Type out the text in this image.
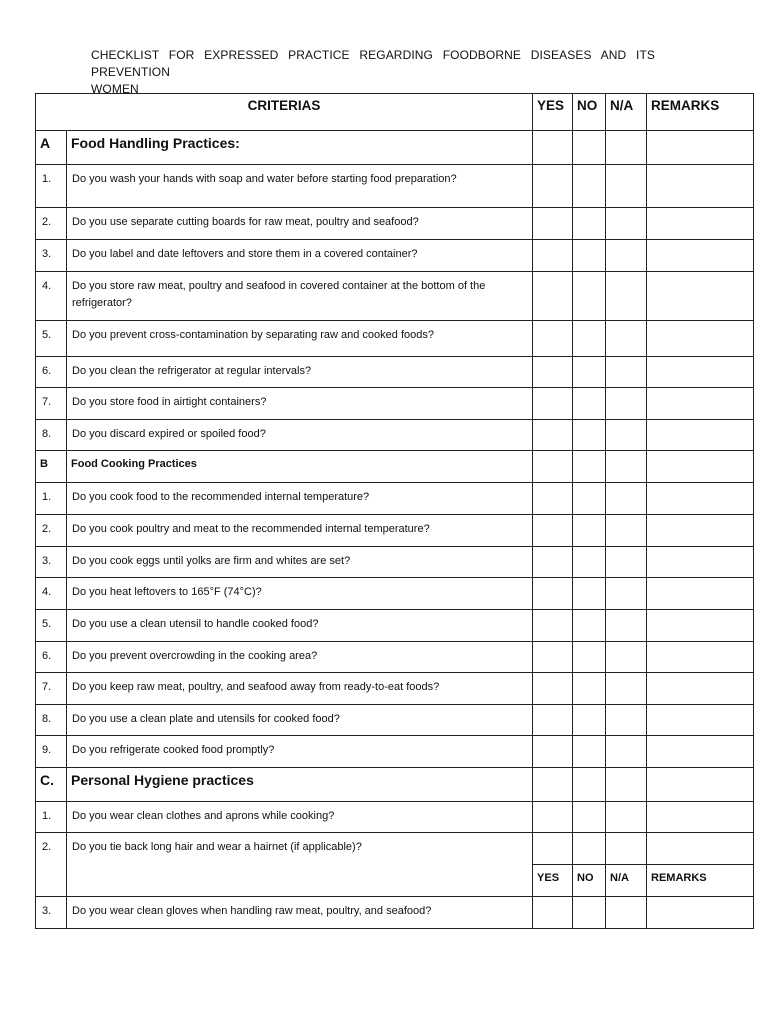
CHECKLIST FOR EXPRESSED PRACTICE REGARDING FOODBORNE DISEASES AND ITS PREVENTION
WOMEN
CRITERIAS		YES	NO	N/A	REMARKS
A	Food Handling Practices:				
1.	Do you wash your hands with soap and water before starting food preparation?				
2.	Do you use separate cutting boards for raw meat, poultry and seafood?				
3.	Do you label and date leftovers and store them in a covered container?				
4.	Do you store raw meat, poultry and seafood in covered container at the bottom of the refrigerator?				
5.	Do you prevent cross-contamination by separating raw and cooked foods?				
6.	Do you clean the refrigerator at regular intervals?				
7.	Do you store food in airtight containers?				
8.	Do you discard expired or spoiled food?				
B	Food Cooking Practices				
1.	Do you cook food to the recommended internal temperature?				
2.	Do you cook poultry and meat to the recommended internal temperature?				
3.	Do you cook eggs until yolks are firm and whites are set?				
4.	Do you heat leftovers to 165°F (74°C)?				
5.	Do you use a clean utensil to handle cooked food?				
6.	Do you prevent overcrowding in the cooking area?				
7.	Do you keep raw meat, poultry, and seafood away from ready-to-eat foods?				
8.	Do you use a clean plate and utensils for cooked food?				
9.	Do you refrigerate cooked food promptly?				
C.	Personal Hygiene practices				
1.	Do you wear clean clothes and aprons while cooking?				
2.	Do you tie back long hair and wear a hairnet (if applicable)?				
		YES	NO	N/A	REMARKS
3.	Do you wear clean gloves when handling raw meat, poultry, and seafood?				
